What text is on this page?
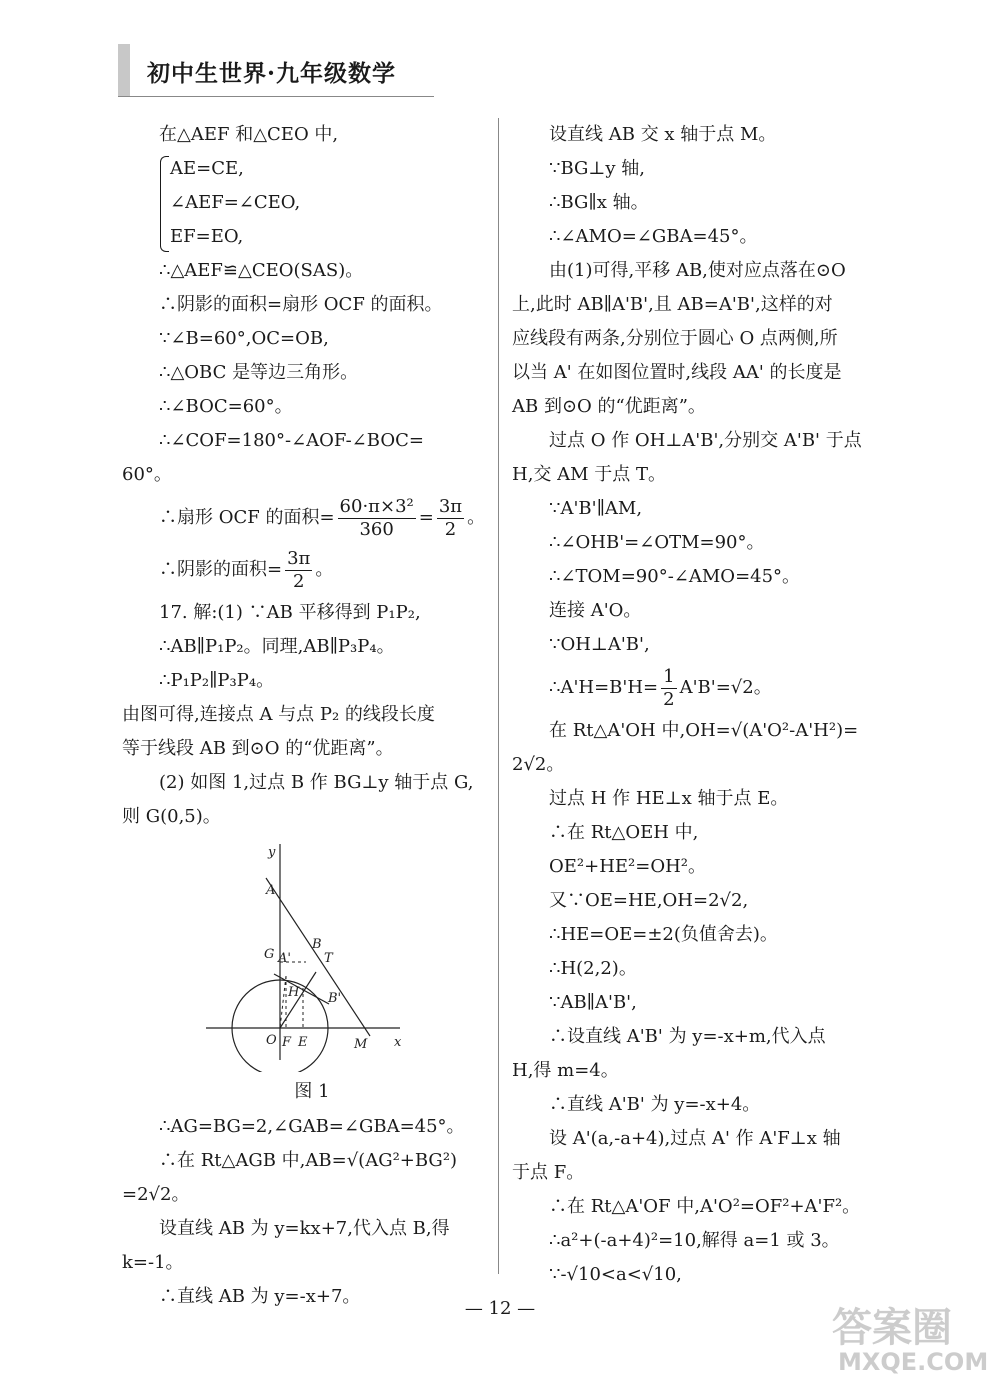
初中生世界·九年级数学
在△AEF 和△CEO 中,
AE=CE,
∠AEF=∠CEO,
EF=EO,
∴△AEF≌△CEO(SAS)。
∴阴影的面积=扇形 OCF 的面积。
∵∠B=60°,OC=OB,
∴△OBC 是等边三角形。
∴∠BOC=60°。
∴∠COF=180°-∠AOF-∠BOC=
60°。
∴扇形 OCF 的面积= $\frac{\text{60·π×3²}}{360} = \frac{3\pi}{2}$ 。
∴阴影的面积= $\frac{3\pi}{2}$ 。
17. 解:(1) ∵AB 平移得到 P₁P₂,
∴AB∥P₁P₂。同理,AB∥P₃P₄。
∴P₁P₂∥P₃P₄。
由图可得,连接点 A 与点 P₂ 的线段长度
等于线段 AB 到⊙O 的“优距离”。
(2) 如图 1,过点 B 作 BG⊥y 轴于点 G,
则 G(0,5)。
y
x
A
G A'
B
T
H B'
O F E	M
图 1
∴AG=BG=2,∠GAB=∠GBA=45°。
∴在 Rt△AGB 中,AB=√(AG²+BG²)
=2√2。
设直线 AB 为 y=kx+7,代入点 B,得
k=-1。
∴直线 AB 为 y=-x+7。
设直线 AB 交 x 轴于点 M。
∵BG⊥y 轴,
∴BG∥x 轴。
∴∠AMO=∠GBA=45°。
由(1)可得,平移 AB,使对应点落在⊙O
上,此时 AB∥A'B',且 AB=A'B',这样的对
应线段有两条,分别位于圆心 O 点两侧,所
以当 A' 在如图位置时,线段 AA' 的长度是
AB 到⊙O 的“优距离”。
过点 O 作 OH⊥A'B',分别交 A'B' 于点
H,交 AM 于点 T。
∵A'B'∥AM,
∴∠OHB'=∠OTM=90°。
∴∠TOM=90°-∠AMO=45°。
连接 A'O。
∵OH⊥A'B',
∴A'H=B'H= $\frac{1}{2} A'B'=√2$。
在 Rt△A'OH 中,OH=√(A'O²-A'H²)=
2√2。
过点 H 作 HE⊥x 轴于点 E。
∴在 Rt△OEH 中,
OE²+HE²=OH²。
又∵OE=HE,OH=2√2,
∴HE=OE=±2(负值舍去)。
∴H(2,2)。
∵AB∥A'B',
∴设直线 A'B' 为 y=-x+m,代入点
H,得 m=4。
∴直线 A'B' 为 y=-x+4。
设 A'(a,-a+4),过点 A' 作 A'F⊥x 轴
于点 F。
∴在 Rt△A'OF 中,A'O²=OF²+A'F²。
∴a²+(-a+4)²=10,解得 a=1 或 3。
∵-√10<a<√10,
— 12 —	答案圈
MXQE.COM
